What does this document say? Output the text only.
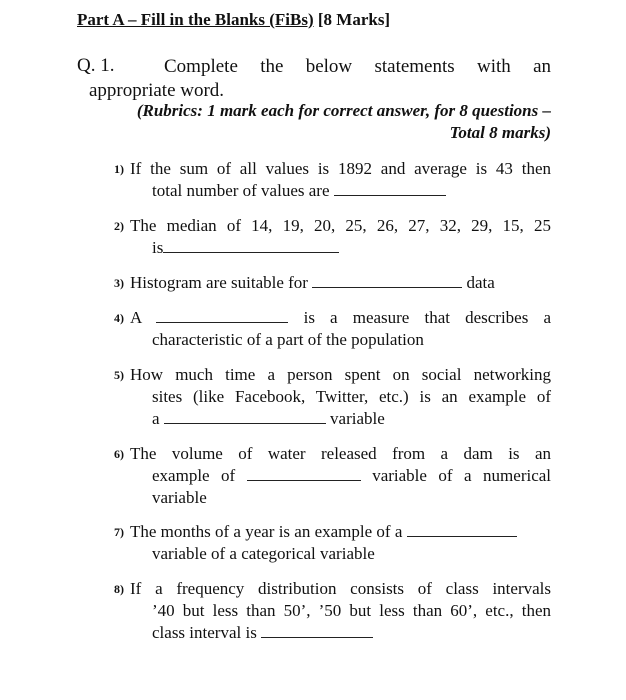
Part A – Fill in the Blanks (FiBs) [8 Marks]
Q. 1.	Complete the below statements with an appropriate word.
(Rubrics: 1 mark each for correct answer, for 8 questions –
Total 8 marks)
1) If the sum of all values is 1892 and average is 43 then
total number of values are
2) The median of 14, 19, 20, 25, 26, 27, 32, 29, 15, 25
is
3) Histogram are suitable for	data
4) A	is a measure that describes a
characteristic of a part of the population
5) How much time a person spent on social networking
sites (like Facebook, Twitter, etc.) is an example of
a	variable
6) The volume of water released from a dam is an
example of	variable of a numerical
variable
7) The months of a year is an example of a
variable of a categorical variable
8) If a frequency distribution consists of class intervals
’40 but less than 50’, ’50 but less than 60’, etc., then
class interval is
